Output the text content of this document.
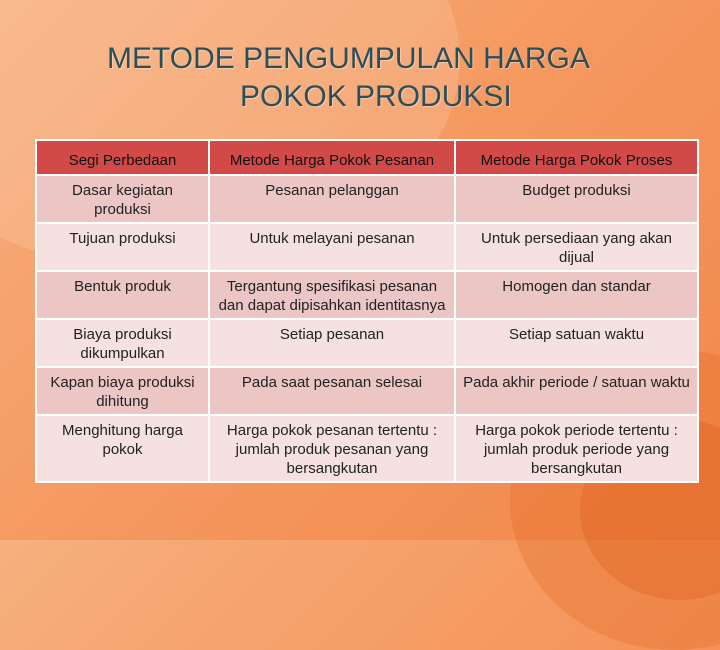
METODE PENGUMPULAN HARGA
POKOK PRODUKSI
Segi Perbedaan	Metode Harga Pokok Pesanan	Metode Harga Pokok Proses
Dasar kegiatan produksi	Pesanan pelanggan	Budget produksi
Tujuan produksi	Untuk melayani pesanan	Untuk persediaan yang akan dijual
Bentuk produk	Tergantung spesifikasi pesanan dan dapat dipisahkan identitasnya	Homogen dan standar
Biaya produksi dikumpulkan	Setiap pesanan	Setiap satuan waktu
Kapan biaya produksi dihitung	Pada saat pesanan selesai	Pada akhir periode / satuan waktu
Menghitung harga pokok	Harga pokok pesanan tertentu : jumlah produk pesanan yang bersangkutan	Harga pokok periode tertentu : jumlah produk periode yang bersangkutan
